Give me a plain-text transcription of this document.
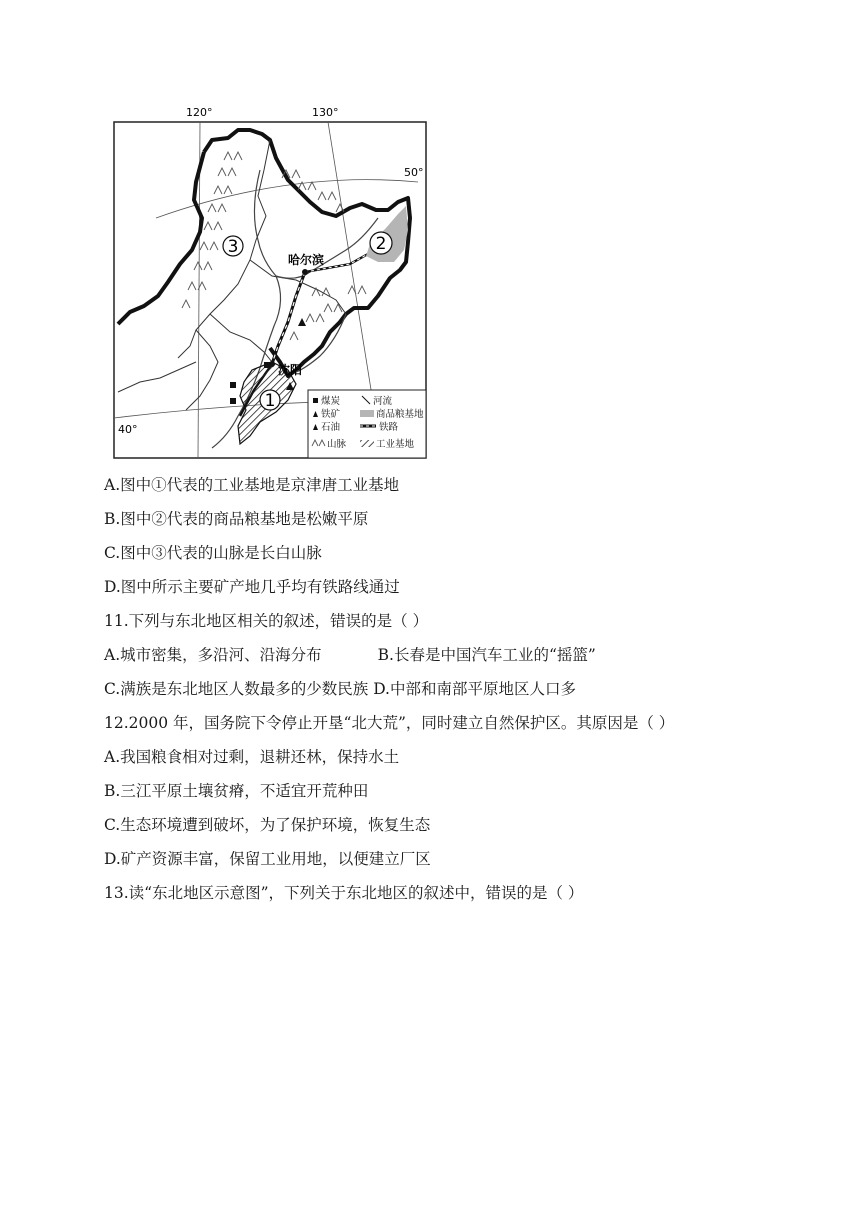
120°	130°
50°
40°
1
2
3
哈尔滨
沈阳
煤炭	河流
铁矿	商品粮基地
石油	铁路
山脉	工业基地
A.图中①代表的工业基地是京津唐工业基地
B.图中②代表的商品粮基地是松嫩平原
C.图中③代表的山脉是长白山脉
D.图中所示主要矿产地几乎均有铁路线通过
11.下列与东北地区相关的叙述，错误的是（ ）
A.城市密集，多沿河、沿海分布	B.长春是中国汽车工业的“摇篮”
C.满族是东北地区人数最多的少数民族 D.中部和南部平原地区人口多
12.2000 年，国务院下令停止开垦“北大荒”，同时建立自然保护区。其原因是（ ）
A.我国粮食相对过剩，退耕还林，保持水土
B.三江平原土壤贫瘠，不适宜开荒种田
C.生态环境遭到破坏，为了保护环境，恢复生态
D.矿产资源丰富，保留工业用地，以便建立厂区
13.读“东北地区示意图”，下列关于东北地区的叙述中，错误的是（ ）
